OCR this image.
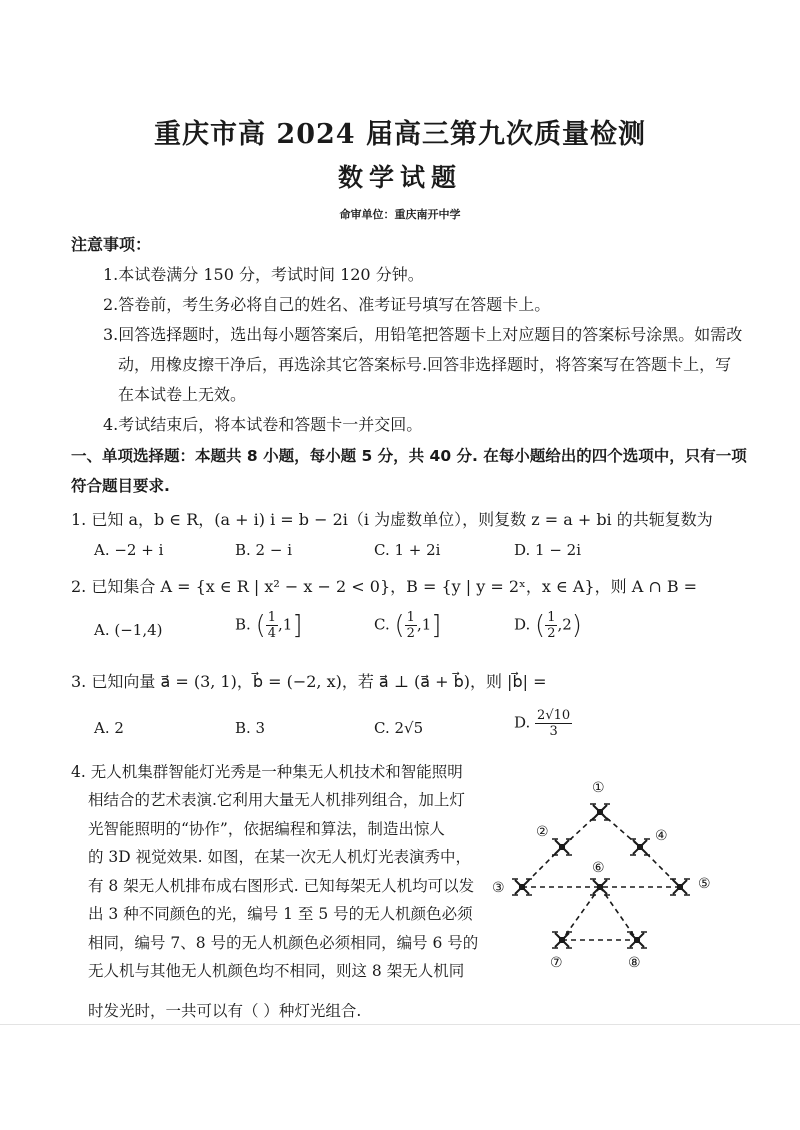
重庆市高 2024 届高三第九次质量检测
数学试题
命审单位：重庆南开中学
注意事项：
1.本试卷满分 150 分，考试时间 120 分钟。
2.答卷前，考生务必将自己的姓名、准考证号填写在答题卡上。
3.回答选择题时，选出每小题答案后，用铅笔把答题卡上对应题目的答案标号涂黑。如需改
动，用橡皮擦干净后，再选涂其它答案标号.回答非选择题时，将答案写在答题卡上，写
在本试卷上无效。
4.考试结束后，将本试卷和答题卡一并交回。
一、单项选择题：本题共 8 小题，每小题 5 分，共 40 分. 在每小题给出的四个选项中，只有一项
符合题目要求.
1. 已知 a，b ∈ R，(a + i) i = b − 2i（i 为虚数单位），则复数 z = a + bi 的共轭复数为
A. −2 + i	B. 2 − i	C. 1 + 2i	D. 1 − 2i
2. 已知集合 A = {x ∈ R | x² − x − 2 < 0}，B = {y | y = 2ˣ，x ∈ A}，则 A ∩ B =
A. (−1,4)	B. ( $\frac{1}{4} ,1$]	C. ( $\frac{1}{2} ,1$]	D. ( $\frac{1}{2} ,2$)
3. 已知向量 a⃗ = (3, 1)，b⃗ = (−2, x)，若 a⃗ ⊥ (a⃗ + b⃗)，则 |b⃗| =
A. 2	B. 3	C. 2√5	D. $\frac{2√10}{3}$
4. 无人机集群智能灯光秀是一种集无人机技术和智能照明
相结合的艺术表演.它利用大量无人机排列组合，加上灯
光智能照明的“协作”，依据编程和算法，制造出惊人
的 3D 视觉效果. 如图，在某一次无人机灯光表演秀中，
有 8 架无人机排布成右图形式. 已知每架无人机均可以发
出 3 种不同颜色的光，编号 1 至 5 号的无人机颜色必须
相同，编号 7、8 号的无人机颜色必须相同，编号 6 号的
无人机与其他无人机颜色均不相同，则这 8 架无人机同
时发光时，一共可以有（ ）种灯光组合.
①
②
③
④
⑤
⑥
⑦	⑧
